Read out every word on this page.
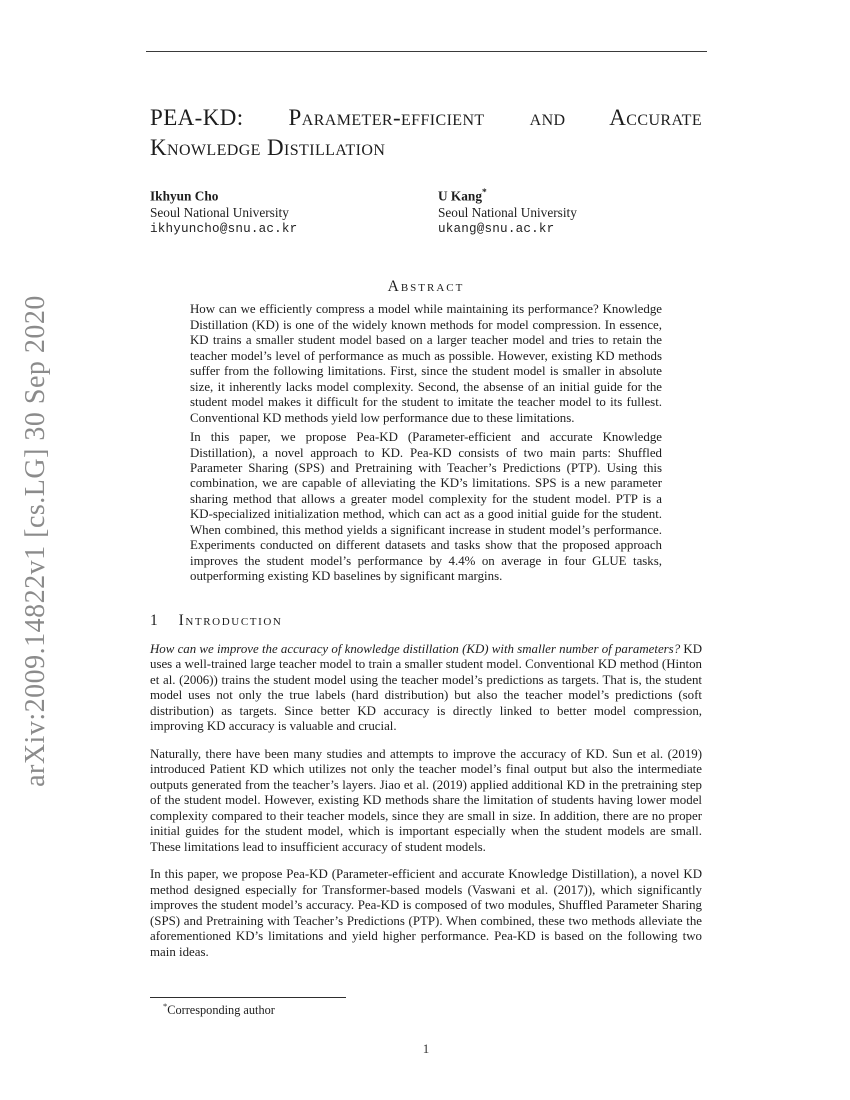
arXiv:2009.14822v1 [cs.LG] 30 Sep 2020
PEA-KD: Parameter-efficient and Accurate
Knowledge Distillation
Ikhyun Cho
Seoul National University
ikhyuncho@snu.ac.kr
U Kang*
Seoul National University
ukang@snu.ac.kr
Abstract

How can we efficiently compress a model while maintaining its performance? Knowledge Distillation (KD) is one of the widely known methods for model compression. In essence, KD trains a smaller student model based on a larger teacher model and tries to retain the teacher model’s level of performance as much as possible. However, existing KD methods suffer from the following limitations. First, since the student model is smaller in absolute size, it inherently lacks model complexity. Second, the absense of an initial guide for the student model makes it difficult for the student to imitate the teacher model to its fullest. Conventional KD methods yield low performance due to these limitations.

In this paper, we propose Pea-KD (Parameter-efficient and accurate Knowledge Distillation), a novel approach to KD. Pea-KD consists of two main parts: Shuffled Parameter Sharing (SPS) and Pretraining with Teacher’s Predictions (PTP). Using this combination, we are capable of alleviating the KD’s limitations. SPS is a new parameter sharing method that allows a greater model complexity for the student model. PTP is a KD-specialized initialization method, which can act as a good initial guide for the student. When combined, this method yields a significant increase in student model’s performance. Experiments conducted on different datasets and tasks show that the proposed approach improves the student model’s performance by 4.4% on average in four GLUE tasks, outperforming existing KD baselines by significant margins.

1 Introduction

How can we improve the accuracy of knowledge distillation (KD) with smaller number of parameters? KD uses a well-trained large teacher model to train a smaller student model. Conventional KD method (Hinton et al. (2006)) trains the student model using the teacher model’s predictions as targets. That is, the student model uses not only the true labels (hard distribution) but also the teacher model’s predictions (soft distribution) as targets. Since better KD accuracy is directly linked to better model compression, improving KD accuracy is valuable and crucial.

Naturally, there have been many studies and attempts to improve the accuracy of KD. Sun et al. (2019) introduced Patient KD which utilizes not only the teacher model’s final output but also the intermediate outputs generated from the teacher’s layers. Jiao et al. (2019) applied additional KD in the pretraining step of the student model. However, existing KD methods share the limitation of students having lower model complexity compared to their teacher models, since they are small in size. In addition, there are no proper initial guides for the student model, which is important especially when the student models are small. These limitations lead to insufficient accuracy of student models.

In this paper, we propose Pea-KD (Parameter-efficient and accurate Knowledge Distillation), a novel KD method designed especially for Transformer-based models (Vaswani et al. (2017)), which significantly improves the student model’s accuracy. Pea-KD is composed of two modules, Shuffled Parameter Sharing (SPS) and Pretraining with Teacher’s Predictions (PTP). When combined, these two methods alleviate the aforementioned KD’s limitations and yield higher performance. Pea-KD is based on the following two main ideas.

*Corresponding author
1
